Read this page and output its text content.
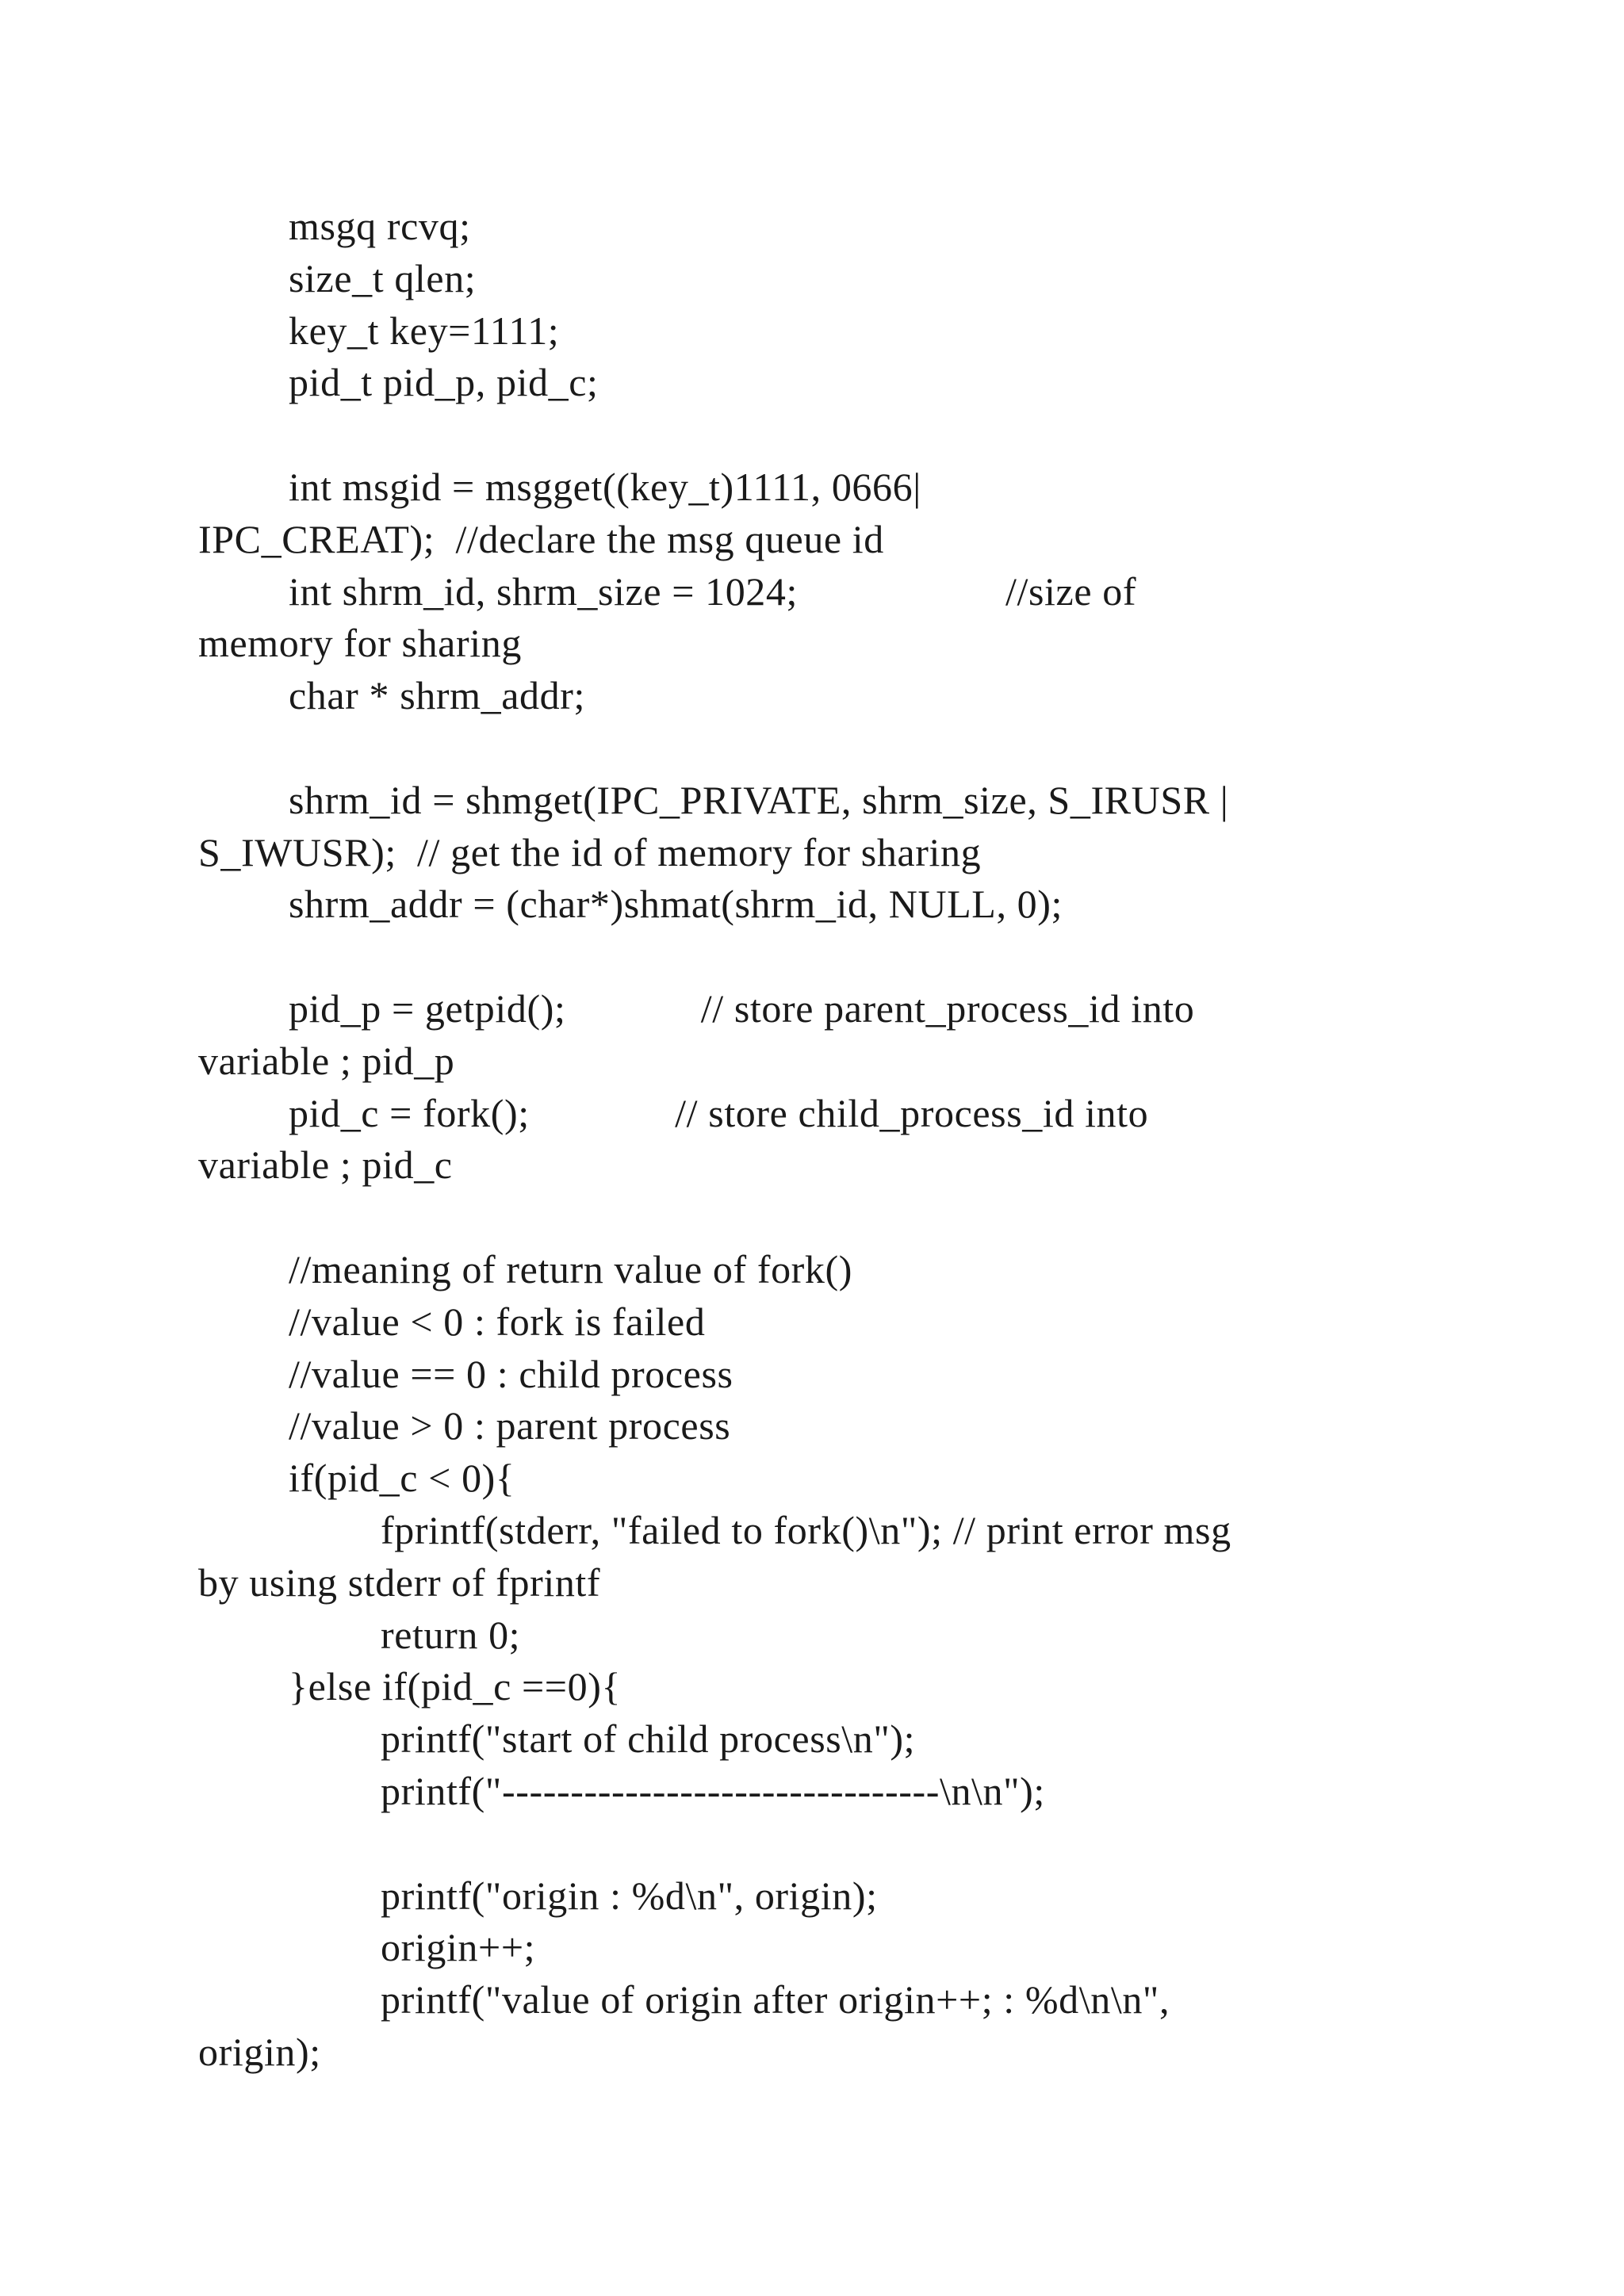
msgq rcvq;
size_t qlen;
key_t key=1111;
pid_t pid_p, pid_c;
int msgid = msgget((key_t)1111, 0666|
IPC_CREAT);  //declare the msg queue id
int shrm_id, shrm_size = 1024;                    //size of
memory for sharing
char * shrm_addr;
shrm_id = shmget(IPC_PRIVATE, shrm_size, S_IRUSR |
S_IWUSR);  // get the id of memory for sharing
shrm_addr = (char*)shmat(shrm_id, NULL, 0);
pid_p = getpid();             // store parent_process_id into
variable ; pid_p
pid_c = fork();              // store child_process_id into
variable ; pid_c
//meaning of return value of fork()
//value < 0 : fork is failed
//value == 0 : child process
//value > 0 : parent process
if(pid_c < 0){
fprintf(stderr, "failed to fork()\n"); // print error msg
by using stderr of fprintf
return 0;
}else if(pid_c ==0){
printf("start of child process\n");
printf("--------------------------------\n\n");
printf("origin : %d\n", origin);
origin++;
printf("value of origin after origin++; : %d\n\n",
origin);
